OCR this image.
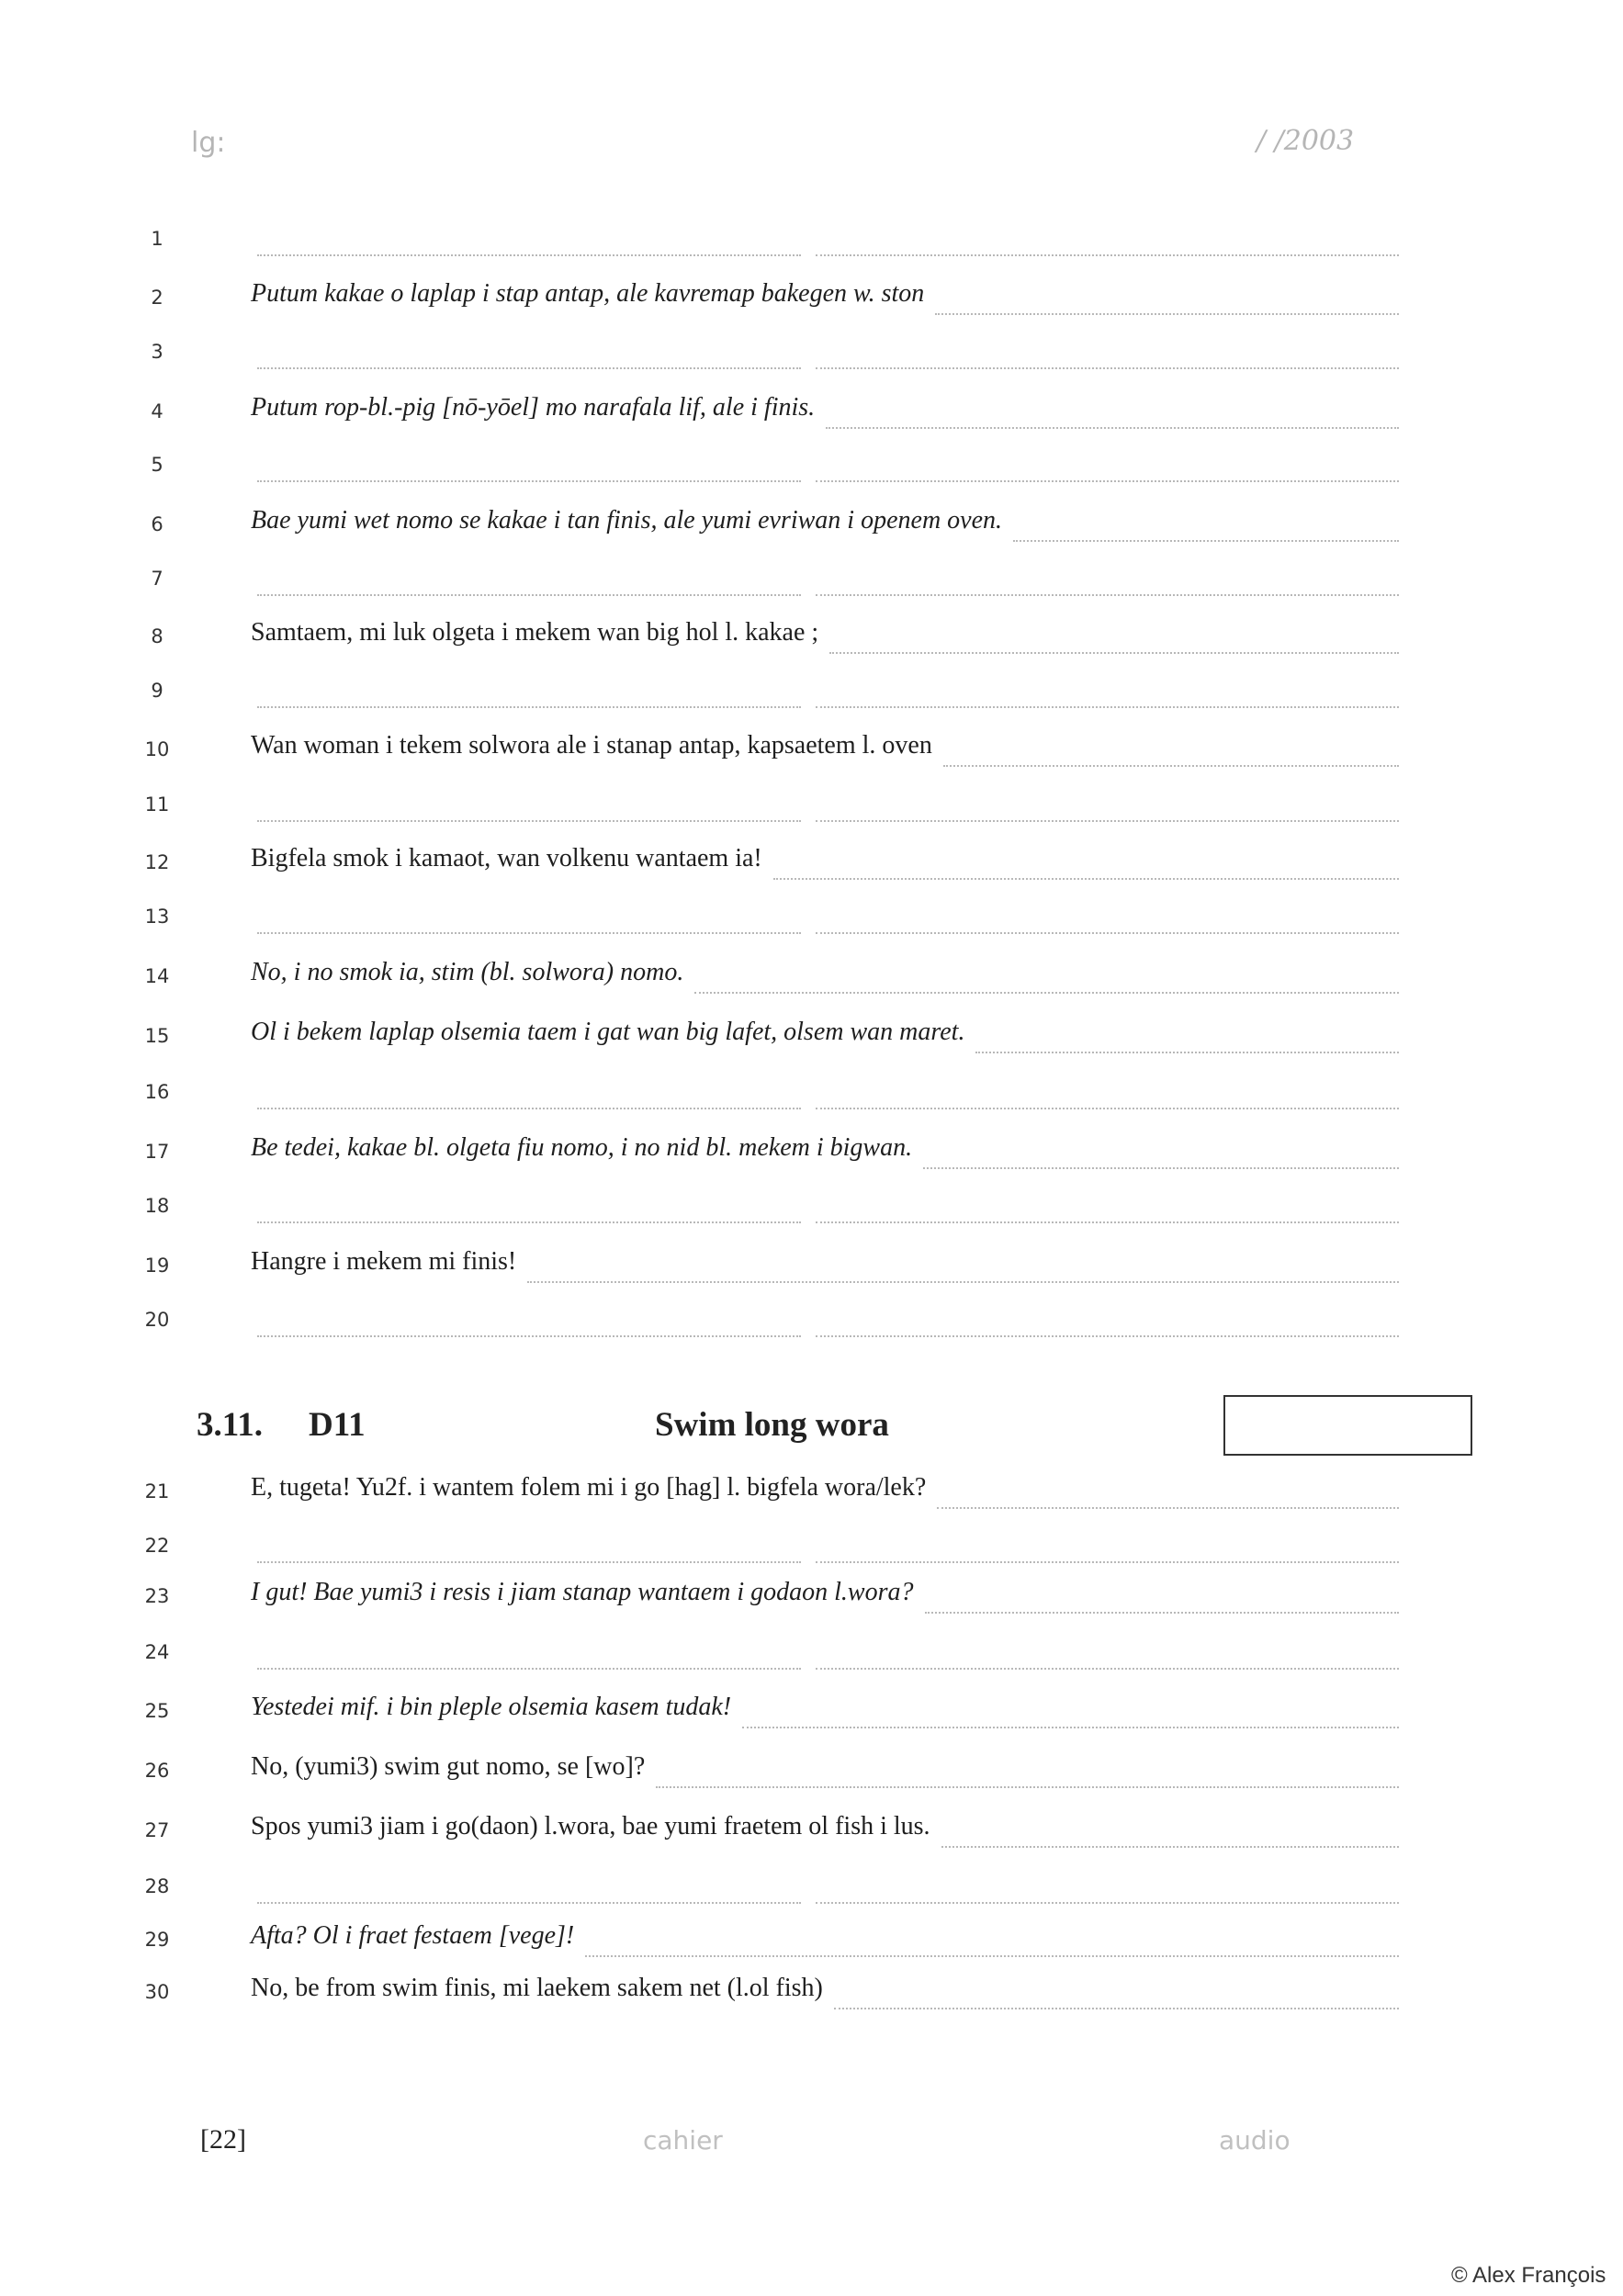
lg:	/ /2003
1
2	Putum kakae o laplap i stap antap, ale kavremap bakegen w. ston
3
4	Putum rop-bl.-pig [nō-yōel] mo narafala lif, ale i finis.
5
6	Bae yumi wet nomo se kakae i tan finis, ale yumi evriwan i openem oven.
7
8	Samtaem, mi luk olgeta i mekem wan big hol l. kakae ;
9
10	Wan woman i tekem solwora ale i stanap antap, kapsaetem l. oven
11
12	Bigfela smok i kamaot, wan volkenu wantaem ia!
13
14	No, i no smok ia, stim (bl. solwora) nomo.
15	Ol i bekem laplap olsemia taem i gat wan big lafet, olsem wan maret.
16
17	Be tedei, kakae bl. olgeta fiu nomo, i no nid bl. mekem i bigwan.
18
19	Hangre i mekem mi finis!
20
3.11. D11	Swim long wora
21	E, tugeta! Yu2f. i wantem folem mi i go [hag] l. bigfela wora/lek?
22
23	I gut! Bae yumi3 i resis i jiam stanap wantaem i godaon l.wora?
24
25	Yestedei mif. i bin pleple olsemia kasem tudak!
26	No, (yumi3) swim gut nomo, se [wo]?
27	Spos yumi3 jiam i go(daon) l.wora, bae yumi fraetem ol fish i lus.
28
29	Afta? Ol i fraet festaem [vege]!
30	No, be from swim finis, mi laekem sakem net (l.ol fish)
[22]	cahier	audio
© Alex François
